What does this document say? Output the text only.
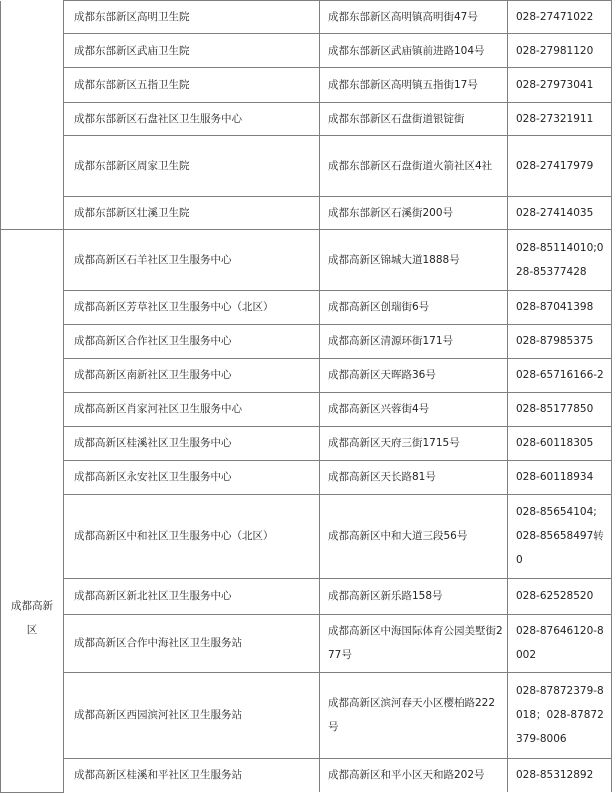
	成都东部新区高明卫生院	成都东部新区高明镇高明街47号	028-27471022
	成都东部新区武庙卫生院	成都东部新区武庙镇前进路104号	028-27981120
	成都东部新区五指卫生院	成都东部新区高明镇五指街17号	028-27973041
	成都东部新区石盘社区卫生服务中心	成都东部新区石盘街道银锭街	028-27321911
	成都东部新区周家卫生院	成都东部新区石盘街道火箭社区4社	028-27417979
	成都东部新区壮溪卫生院	成都东部新区石溪街200号	028-27414035
成都高新区	成都高新区石羊社区卫生服务中心	成都高新区锦城大道1888号	028-85114010;028-85377428
	成都高新区芳草社区卫生服务中心（北区）	成都高新区创瑞街6号	028-87041398
	成都高新区合作社区卫生服务中心	成都高新区清源环街171号	028-87985375
	成都高新区南新社区卫生服务中心	成都高新区天晖路36号	028-65716166-2
	成都高新区肖家河社区卫生服务中心	成都高新区兴蓉街4号	028-85177850
	成都高新区桂溪社区卫生服务中心	成都高新区天府三街1715号	028-60118305
	成都高新区永安社区卫生服务中心	成都高新区天长路81号	028-60118934
	成都高新区中和社区卫生服务中心（北区）	成都高新区中和大道三段56号	028-85654104;
028-85658497转0
	成都高新区新北社区卫生服务中心	成都高新区新乐路158号	028-62528520
	成都高新区合作中海社区卫生服务站	成都高新区中海国际体育公园美墅街277号	028-87646120-8002
	成都高新区西园滨河社区卫生服务站	成都高新区滨河春天小区樱柏路222号	028-87872379-8018；028-87872379-8006
	成都高新区桂溪和平社区卫生服务站	成都高新区和平小区天和路202号	028-85312892
